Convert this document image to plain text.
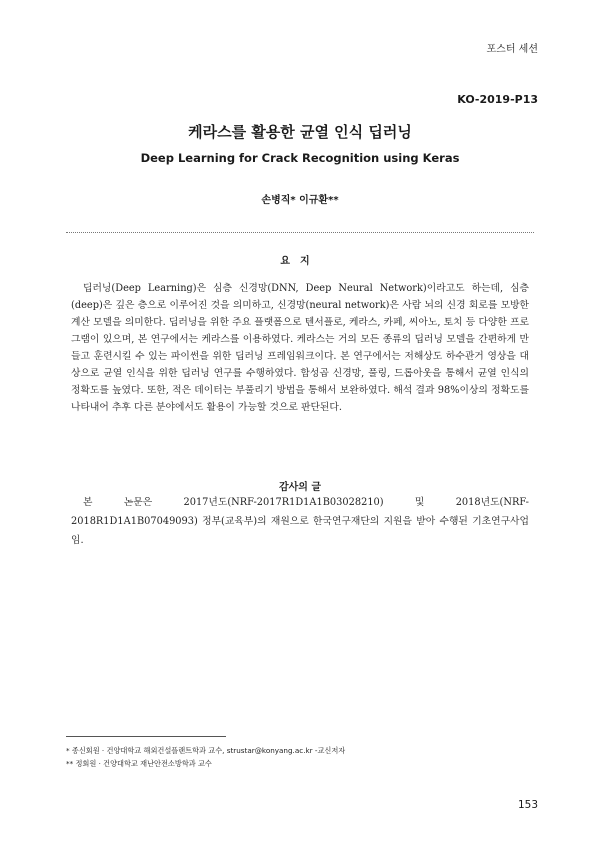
포스터 세션
KO-2019-P13
케라스를 활용한 균열 인식 딥러닝
Deep Learning for Crack Recognition using Keras
손병직* 이규환**
요지
딥러닝(Deep Learning)은 심층 신경망(DNN, Deep Neural Network)이라고도 하는데, 심층(deep)은 깊은 층으로 이루어진 것을 의미하고, 신경망(neural network)은 사람 뇌의 신경 회로를 모방한 계산 모델을 의미한다. 딥러닝을 위한 주요 플랫폼으로 텐서플로, 케라스, 카페, 씨아노, 토치 등 다양한 프로그램이 있으며, 본 연구에서는 케라스를 이용하였다. 케라스는 거의 모든 종류의 딥러닝 모델을 간편하게 만들고 훈련시킬 수 있는 파이썬을 위한 딥러닝 프레임워크이다. 본 연구에서는 저해상도 하수관거 영상을 대상으로 균열 인식을 위한 딥러닝 연구를 수행하였다. 합성곱 신경망, 풀링, 드롭아웃을 통해서 균열 인식의 정확도를 높였다. 또한, 적은 데이터는 부풀리기 방법을 통해서 보완하였다. 해석 결과 98%이상의 정확도를 나타내어 추후 다른 분야에서도 활용이 가능할 것으로 판단된다.
감사의 글
본 논문은 2017년도(NRF-2017R1D1A1B03028210) 및 2018년도(NRF-2018R1D1A1B07049093) 정부(교육부)의 재원으로 한국연구재단의 지원을 받아 수행된 기초연구사업임.
* 종신회원 · 건양대학교 해외건설플랜트학과 교수, strustar@konyang.ac.kr -교신저자
** 정회원 · 건양대학교 재난안전소방학과 교수
153
